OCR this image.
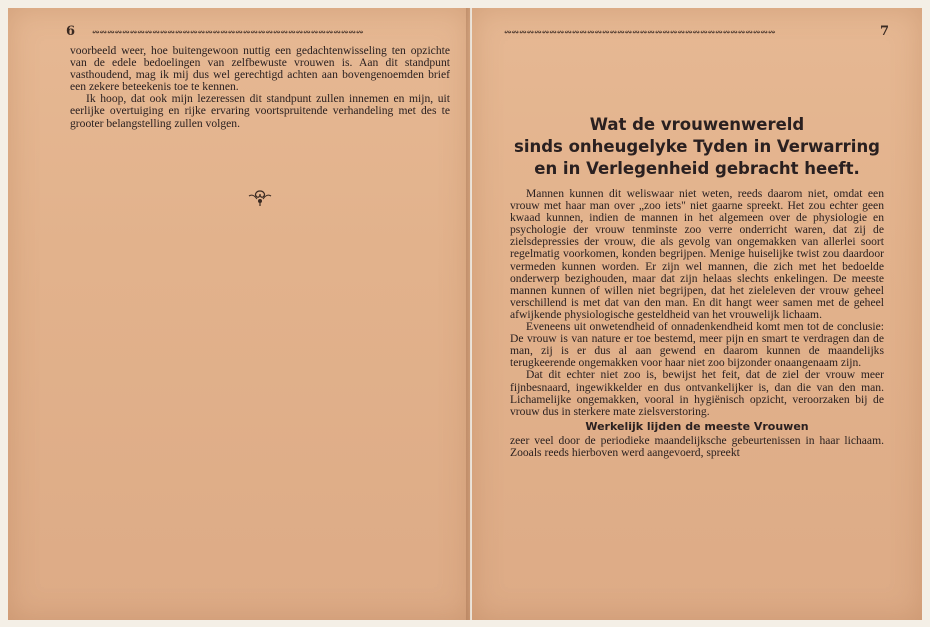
6 ↭↭↭↭↭↭↭↭↭↭↭↭↭↭↭↭↭↭↭↭↭↭↭↭↭↭↭↭↭↭↭↭↭↭↭↭

voorbeeld weer, hoe buitengewoon nuttig een gedachtenwisseling ten opzichte van de edele bedoelingen van zelfbewuste vrouwen is. Aan dit standpunt vasthoudend, mag ik mij dus wel gerechtigd achten aan bovengenoemden brief een zekere beteekenis toe te kennen.

Ik hoop, dat ook mijn lezeressen dit standpunt zullen innemen en mijn, uit eerlijke overtuiging en rijke ervaring voortspruitende verhandeling met des te grooter belangstelling zullen volgen.

↭↭↭↭↭↭↭↭↭↭↭↭↭↭↭↭↭↭↭↭↭↭↭↭↭↭↭↭↭↭↭↭↭↭↭↭	7
Wat de vrouwenwereld
sinds onheugelyke Tyden in Verwarring
en in Verlegenheid gebracht heeft.

Mannen kunnen dit weliswaar niet weten, reeds daarom niet, omdat een vrouw met haar man over „zoo iets" niet gaarne spreekt. Het zou echter geen kwaad kunnen, indien de mannen in het algemeen over de physiologie en psychologie der vrouw tenminste zoo verre onderricht waren, dat zij de zielsdepressies der vrouw, die als gevolg van ongemakken van allerlei soort regelmatig voorkomen, konden begrijpen. Menige huiselijke twist zou daardoor vermeden kunnen worden. Er zijn wel mannen, die zich met het bedoelde onderwerp bezighouden, maar dat zijn helaas slechts enkelingen. De meeste mannen kunnen of willen niet begrijpen, dat het zieleleven der vrouw geheel verschillend is met dat van den man. En dit hangt weer samen met de geheel afwijkende physiologische gesteldheid van het vrouwelijk lichaam.

Eveneens uit onwetendheid of onnadenkendheid komt men tot de conclusie: De vrouw is van nature er toe bestemd, meer pijn en smart te verdragen dan de man, zij is er dus al aan gewend en daarom kunnen de maandelijks terugkeerende ongemakken voor haar niet zoo bijzonder onaangenaam zijn.

Dat dit echter niet zoo is, bewijst het feit, dat de ziel der vrouw meer fijnbesnaard, ingewikkelder en dus ontvankelijker is, dan die van den man. Lichamelijke ongemakken, vooral in hygiënisch opzicht, veroorzaken bij de vrouw dus in sterkere mate zielsverstoring.

Werkelijk lijden de meeste Vrouwen

zeer veel door de periodieke maandelijksche gebeurtenissen in haar lichaam. Zooals reeds hierboven werd aangevoerd, spreekt
